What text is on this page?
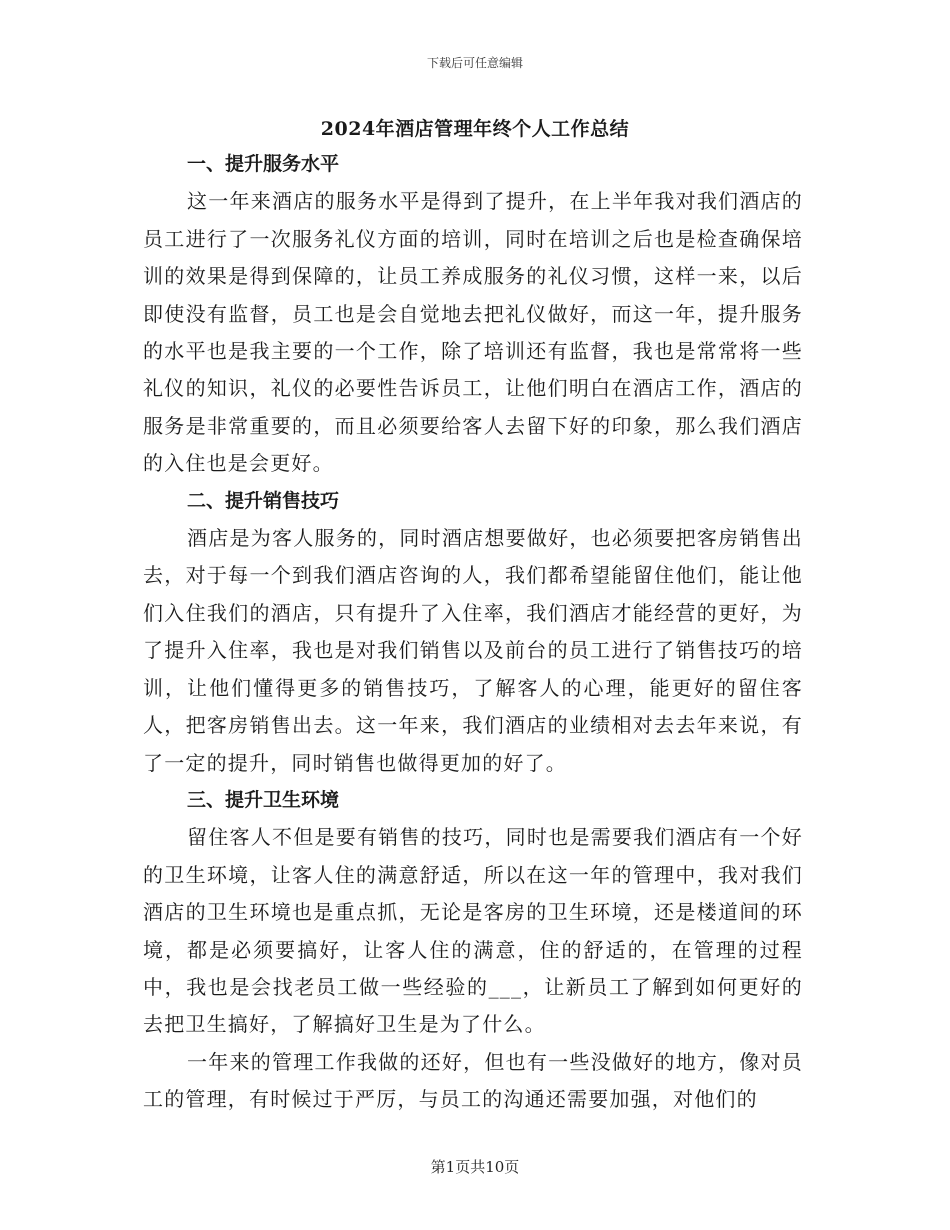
下载后可任意编辑
2024年酒店管理年终个人工作总结

一、提升服务水平

这一年来酒店的服务水平是得到了提升，在上半年我对我们酒店的员工进行了一次服务礼仪方面的培训，同时在培训之后也是检查确保培训的效果是得到保障的，让员工养成服务的礼仪习惯，这样一来，以后即使没有监督，员工也是会自觉地去把礼仪做好，而这一年，提升服务的水平也是我主要的一个工作，除了培训还有监督，我也是常常将一些礼仪的知识，礼仪的必要性告诉员工，让他们明白在酒店工作，酒店的服务是非常重要的，而且必须要给客人去留下好的印象，那么我们酒店的入住也是会更好。

二、提升销售技巧

酒店是为客人服务的，同时酒店想要做好，也必须要把客房销售出去，对于每一个到我们酒店咨询的人，我们都希望能留住他们，能让他们入住我们的酒店，只有提升了入住率，我们酒店才能经营的更好，为了提升入住率，我也是对我们销售以及前台的员工进行了销售技巧的培训，让他们懂得更多的销售技巧，了解客人的心理，能更好的留住客人，把客房销售出去。这一年来，我们酒店的业绩相对去去年来说，有了一定的提升，同时销售也做得更加的好了。

三、提升卫生环境

留住客人不但是要有销售的技巧，同时也是需要我们酒店有一个好的卫生环境，让客人住的满意舒适，所以在这一年的管理中，我对我们酒店的卫生环境也是重点抓，无论是客房的卫生环境，还是楼道间的环境，都是必须要搞好，让客人住的满意，住的舒适的，在管理的过程中，我也是会找老员工做一些经验的___，让新员工了解到如何更好的去把卫生搞好，了解搞好卫生是为了什么。

一年来的管理工作我做的还好，但也有一些没做好的地方，像对员工的管理，有时候过于严厉，与员工的沟通还需要加强，对他们的

第1页共10页
